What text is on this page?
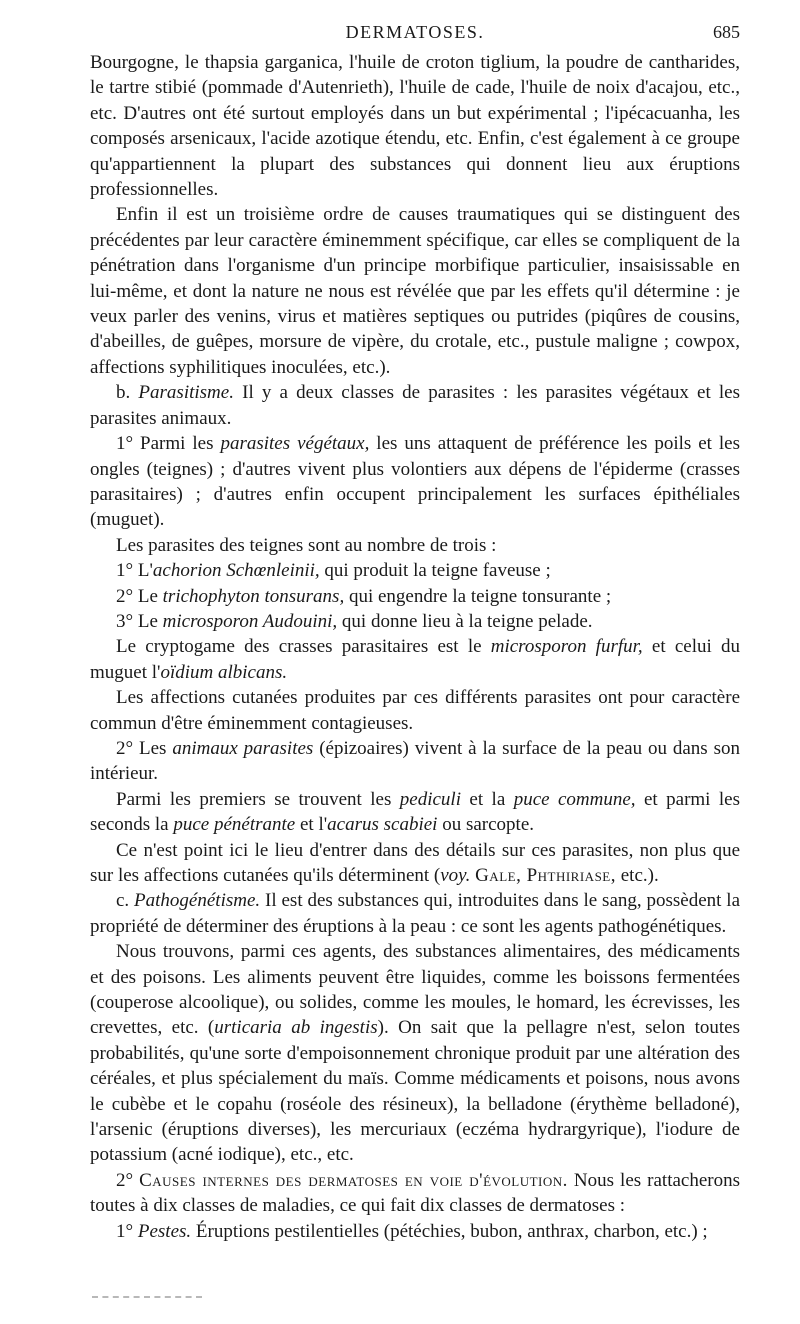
DERMATOSES.	685

Bourgogne, le thapsia garganica, l'huile de croton tiglium, la poudre de cantharides, le tartre stibié (pommade d'Autenrieth), l'huile de cade, l'huile de noix d'acajou, etc., etc. D'autres ont été surtout employés dans un but expérimental ; l'ipécacuanha, les composés arsenicaux, l'acide azotique étendu, etc. Enfin, c'est également à ce groupe qu'appartiennent la plupart des substances qui donnent lieu aux éruptions professionnelles.

Enfin il est un troisième ordre de causes traumatiques qui se distinguent des précédentes par leur caractère éminemment spécifique, car elles se compliquent de la pénétration dans l'organisme d'un principe morbifique particulier, insaisissable en lui-même, et dont la nature ne nous est révélée que par les effets qu'il détermine : je veux parler des venins, virus et matières septiques ou putrides (piqûres de cousins, d'abeilles, de guêpes, morsure de vipère, du crotale, etc., pustule maligne ; cowpox, affections syphilitiques inoculées, etc.).

b. Parasitisme. Il y a deux classes de parasites : les parasites végétaux et les parasites animaux.

1° Parmi les parasites végétaux, les uns attaquent de préférence les poils et les ongles (teignes) ; d'autres vivent plus volontiers aux dépens de l'épiderme (crasses parasitaires) ; d'autres enfin occupent principalement les surfaces épithéliales (muguet).

Les parasites des teignes sont au nombre de trois :

1° L'achorion Schœnleinii, qui produit la teigne faveuse ;

2° Le trichophyton tonsurans, qui engendre la teigne tonsurante ;

3° Le microsporon Audouini, qui donne lieu à la teigne pelade.

Le cryptogame des crasses parasitaires est le microsporon furfur, et celui du muguet l'oïdium albicans.

Les affections cutanées produites par ces différents parasites ont pour caractère commun d'être éminemment contagieuses.

2° Les animaux parasites (épizoaires) vivent à la surface de la peau ou dans son intérieur.

Parmi les premiers se trouvent les pediculi et la puce commune, et parmi les seconds la puce pénétrante et l'acarus scabiei ou sarcopte.

Ce n'est point ici le lieu d'entrer dans des détails sur ces parasites, non plus que sur les affections cutanées qu'ils déterminent (voy. Gale, Phthiriase, etc.).

c. Pathogénétisme. Il est des substances qui, introduites dans le sang, possèdent la propriété de déterminer des éruptions à la peau : ce sont les agents pathogénétiques.

Nous trouvons, parmi ces agents, des substances alimentaires, des médicaments et des poisons. Les aliments peuvent être liquides, comme les boissons fermentées (couperose alcoolique), ou solides, comme les moules, le homard, les écrevisses, les crevettes, etc. (urticaria ab ingestis). On sait que la pellagre n'est, selon toutes probabilités, qu'une sorte d'empoisonnement chronique produit par une altération des céréales, et plus spécialement du maïs. Comme médicaments et poisons, nous avons le cubèbe et le copahu (roséole des résineux), la belladone (érythème belladoné), l'arsenic (éruptions diverses), les mercuriaux (eczéma hydrargyrique), l'iodure de potassium (acné iodique), etc., etc.

2° Causes internes des dermatoses en voie d'évolution. Nous les rattacherons toutes à dix classes de maladies, ce qui fait dix classes de dermatoses :

1° Pestes. Éruptions pestilentielles (pétéchies, bubon, anthrax, charbon, etc.) ;
